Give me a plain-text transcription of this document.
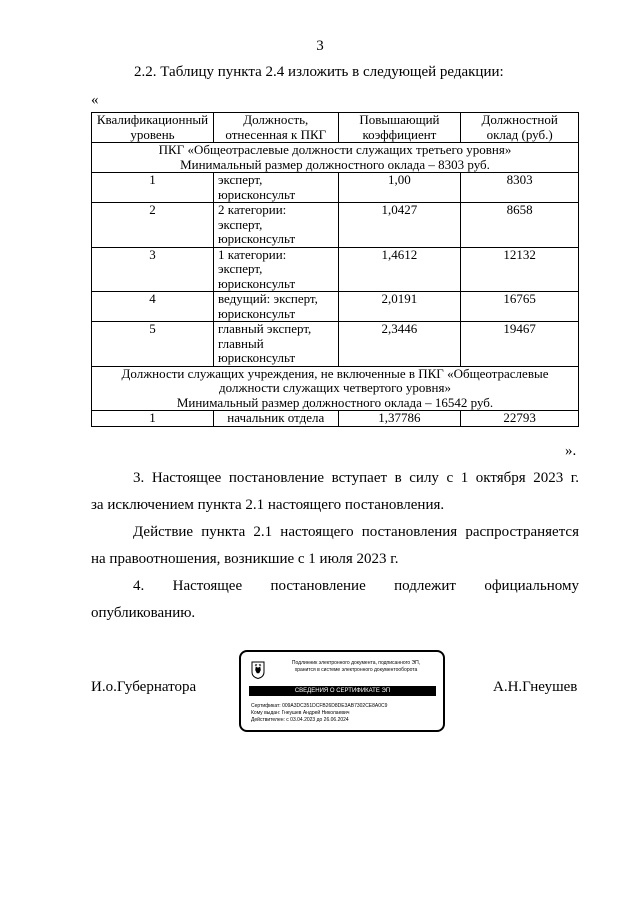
3
2.2. Таблицу пункта 2.4 изложить в следующей редакции:
«
Квалификационный уровень	Должность, отнесенная к ПКГ	Повышающий коэффициент	Должностной оклад (руб.)

ПКГ «Общеотраслевые должности служащих третьего уровня»
Минимальный размер должностного оклада – 8303 руб.			

1	эксперт, юрисконсульт	1,00	8303
2	2 категории: эксперт, юрисконсульт	1,0427	8658
3	1 категории: эксперт, юрисконсульт	1,4612	12132
4	ведущий: эксперт, юрисконсульт	2,0191	16765
5	главный эксперт, главный юрисконсульт	2,3446	19467

Должности служащих учреждения, не включенные в ПКГ «Общеотраслевые должности служащих четвертого уровня»
Минимальный размер должностного оклада – 16542 руб.			

1	начальник отдела	1,37786	22793
».
3. Настоящее постановление вступает в силу с 1 октября 2023 г.
за исключением пункта 2.1 настоящего постановления.
Действие пункта 2.1 настоящего постановления распространяется
на правоотношения, возникшие с 1 июля 2023 г.
4. Настоящее постановление подлежит официальному
опубликованию.
И.о.Губернатора
Подлинник электронного документа, подписанного ЭП,
хранится в системе электронного документооборота
СВЕДЕНИЯ О СЕРТИФИКАТЕ ЭП
Сертификат: 009A3DC351DCFB26D8DE3AB7302CE8A0C9
Кому выдан: Гнеушев Андрей Николаевич
Действителен: с 03.04.2023 до 26.06.2024
А.Н.Гнеушев
